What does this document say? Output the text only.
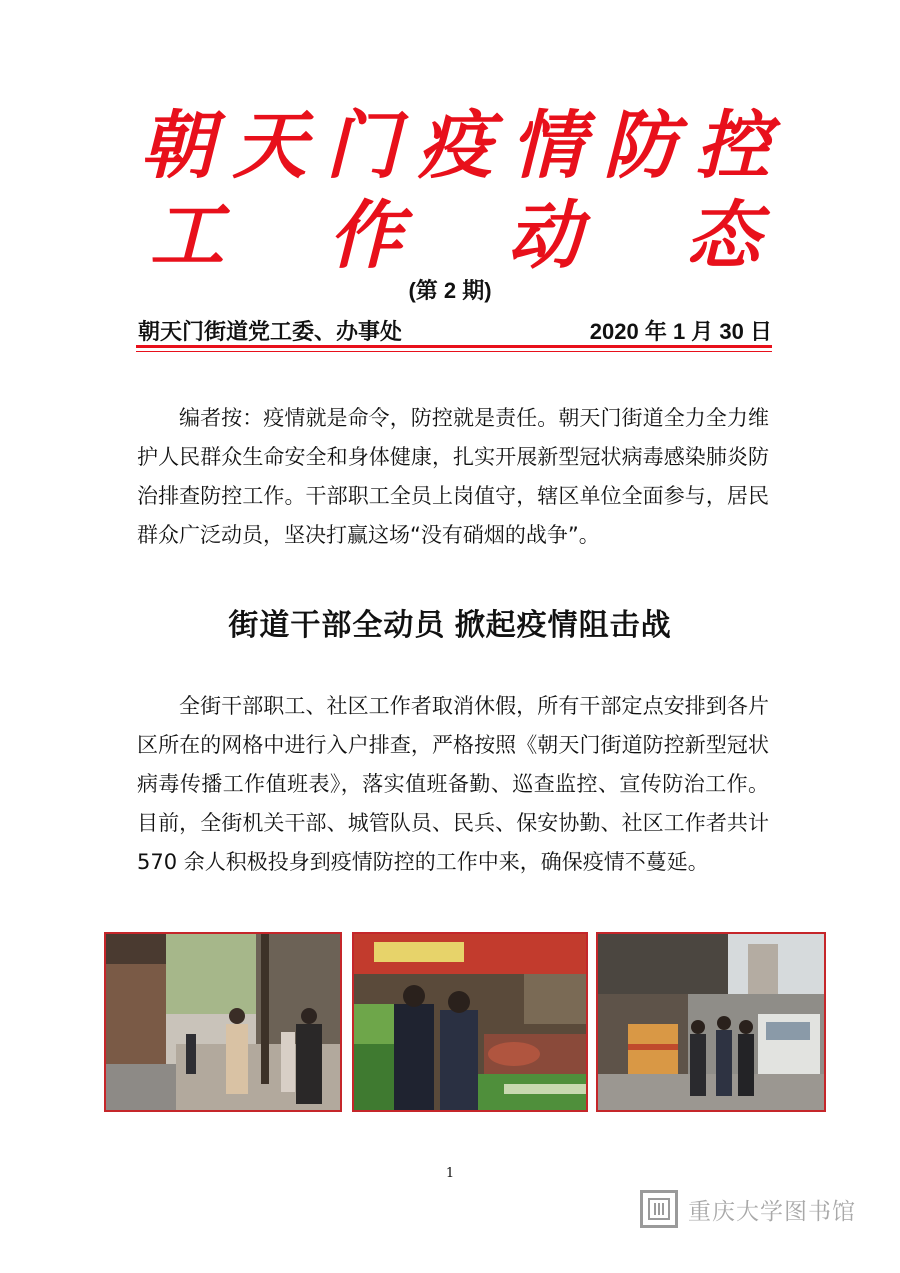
朝 天 门 疫 情 防 控
工 作 动 态
(第 2 期)
朝天门街道党工委、办事处	2020 年 1 月 30 日

编者按：疫情就是命令，防控就是责任。朝天门街道全力全力维护人民群众生命安全和身体健康，扎实开展新型冠状病毒感染肺炎防治排查防控工作。干部职工全员上岗值守，辖区单位全面参与，居民群众广泛动员，坚决打赢这场“没有硝烟的战争”。

街道干部全动员 掀起疫情阻击战

全街干部职工、社区工作者取消休假，所有干部定点安排到各片区所在的网格中进行入户排查，严格按照《朝天门街道防控新型冠状病毒传播工作值班表》，落实值班备勤、巡查监控、宣传防治工作。目前，全街机关干部、城管队员、民兵、保安协勤、社区工作者共计 570 余人积极投身到疫情防控的工作中来，确保疫情不蔓延。

1
重庆大学图书馆
